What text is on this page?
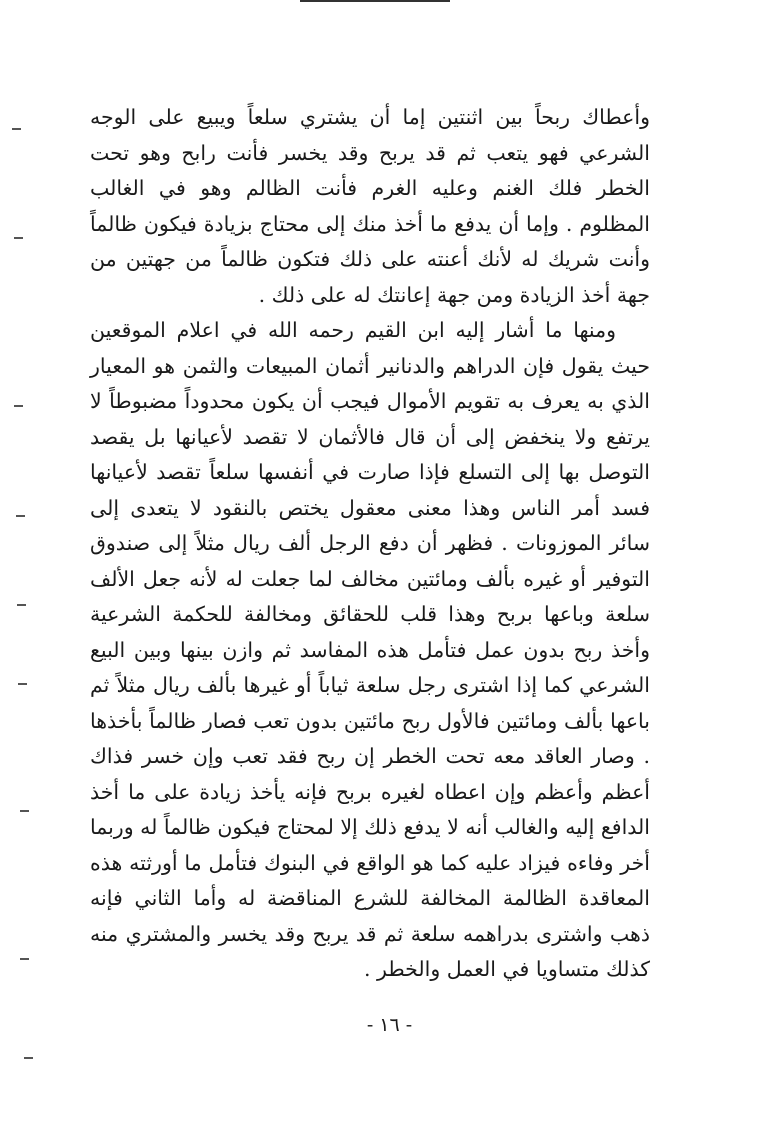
وأعطاك ربحاً بين اثنتين إما أن يشتري سلعاً ويبيع على الوجه الشرعي فهو يتعب ثم قد يربح وقد يخسر فأنت رابح وهو تحت الخطر فلك الغنم وعليه الغرم فأنت الظالم وهو في الغالب المظلوم . وإما أن يدفع ما أخذ منك إلى محتاج بزيادة فيكون ظالماً وأنت شريك له لأنك أعنته على ذلك فتكون ظالماً من جهتين من جهة أخذ الزيادة ومن جهة إعانتك له على ذلك .

ومنها ما أشار إليه ابن القيم رحمه الله في اعلام الموقعين حيث يقول فإن الدراهم والدنانير أثمان المبيعات والثمن هو المعيار الذي به يعرف به تقويم الأموال فيجب أن يكون محدوداً مضبوطاً لا يرتفع ولا ينخفض إلى أن قال فالأثمان لا تقصد لأعيانها بل يقصد التوصل بها إلى التسلع فإذا صارت في أنفسها سلعاً تقصد لأعيانها فسد أمر الناس وهذا معنى معقول يختص بالنقود لا يتعدى إلى سائر الموزونات . فظهر أن دفع الرجل ألف ريال مثلاً إلى صندوق التوفير أو غيره بألف ومائتين مخالف لما جعلت له لأنه جعل الألف سلعة وباعها بربح وهذا قلب للحقائق ومخالفة للحكمة الشرعية وأخذ ربح بدون عمل فتأمل هذه المفاسد ثم وازن بينها وبين البيع الشرعي كما إذا اشترى رجل سلعة ثياباً أو غيرها بألف ريال مثلاً ثم باعها بألف ومائتين فالأول ربح مائتين بدون تعب فصار ظالماً بأخذها . وصار العاقد معه تحت الخطر إن ربح فقد تعب وإن خسر فذاك أعظم وأعظم وإن اعطاه لغيره بربح فإنه يأخذ زيادة على ما أخذ الدافع إليه والغالب أنه لا يدفع ذلك إلا لمحتاج فيكون ظالماً له وربما أخر وفاءه فيزاد عليه كما هو الواقع في البنوك فتأمل ما أورثته هذه المعاقدة الظالمة المخالفة للشرع المناقضة له وأما الثاني فإنه ذهب واشترى بدراهمه سلعة ثم قد يربح وقد يخسر والمشتري منه كذلك متساويا في العمل والخطر .

- ١٦ -
